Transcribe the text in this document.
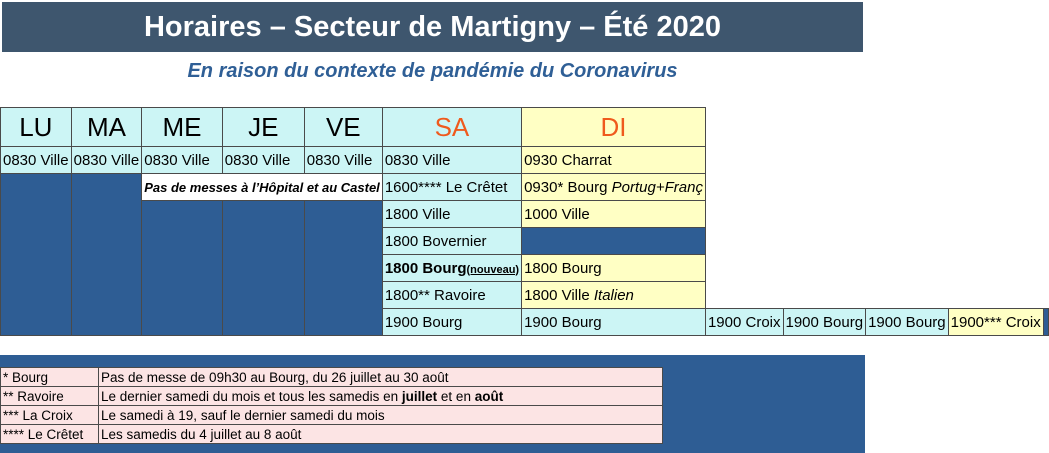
Horaires – Secteur de Martigny – Été 2020
En raison du contexte de pandémie du Coronavirus
LU	MA	ME	JE	VE	SA	DI					
0830 Ville	0830 Ville	0830 Ville	0830 Ville	0830 Ville	0830 Ville	0930 Charrat					
		Pas de messes à l’Hôpital et au Castel			1600**** Le Crêtet	0930* Bourg Portug+Franç					
					1800 Ville	1000 Ville					
					1800 Bovernier						
					1800 Bourg(nouveau)	1800 Bourg					
					1800** Ravoire	1800 Ville Italien					
					1900 Bourg	1900 Bourg	1900 Croix	1900 Bourg	1900 Bourg	1900*** Croix	
* Bourg	Pas de messe de 09h30 au Bourg, du 26 juillet au 30 août
** Ravoire	Le dernier samedi du mois et tous les samedis en juillet et en août
*** La Croix	Le samedi à 19, sauf le dernier samedi du mois
**** Le Crêtet	Les samedis du 4 juillet au 8 août
